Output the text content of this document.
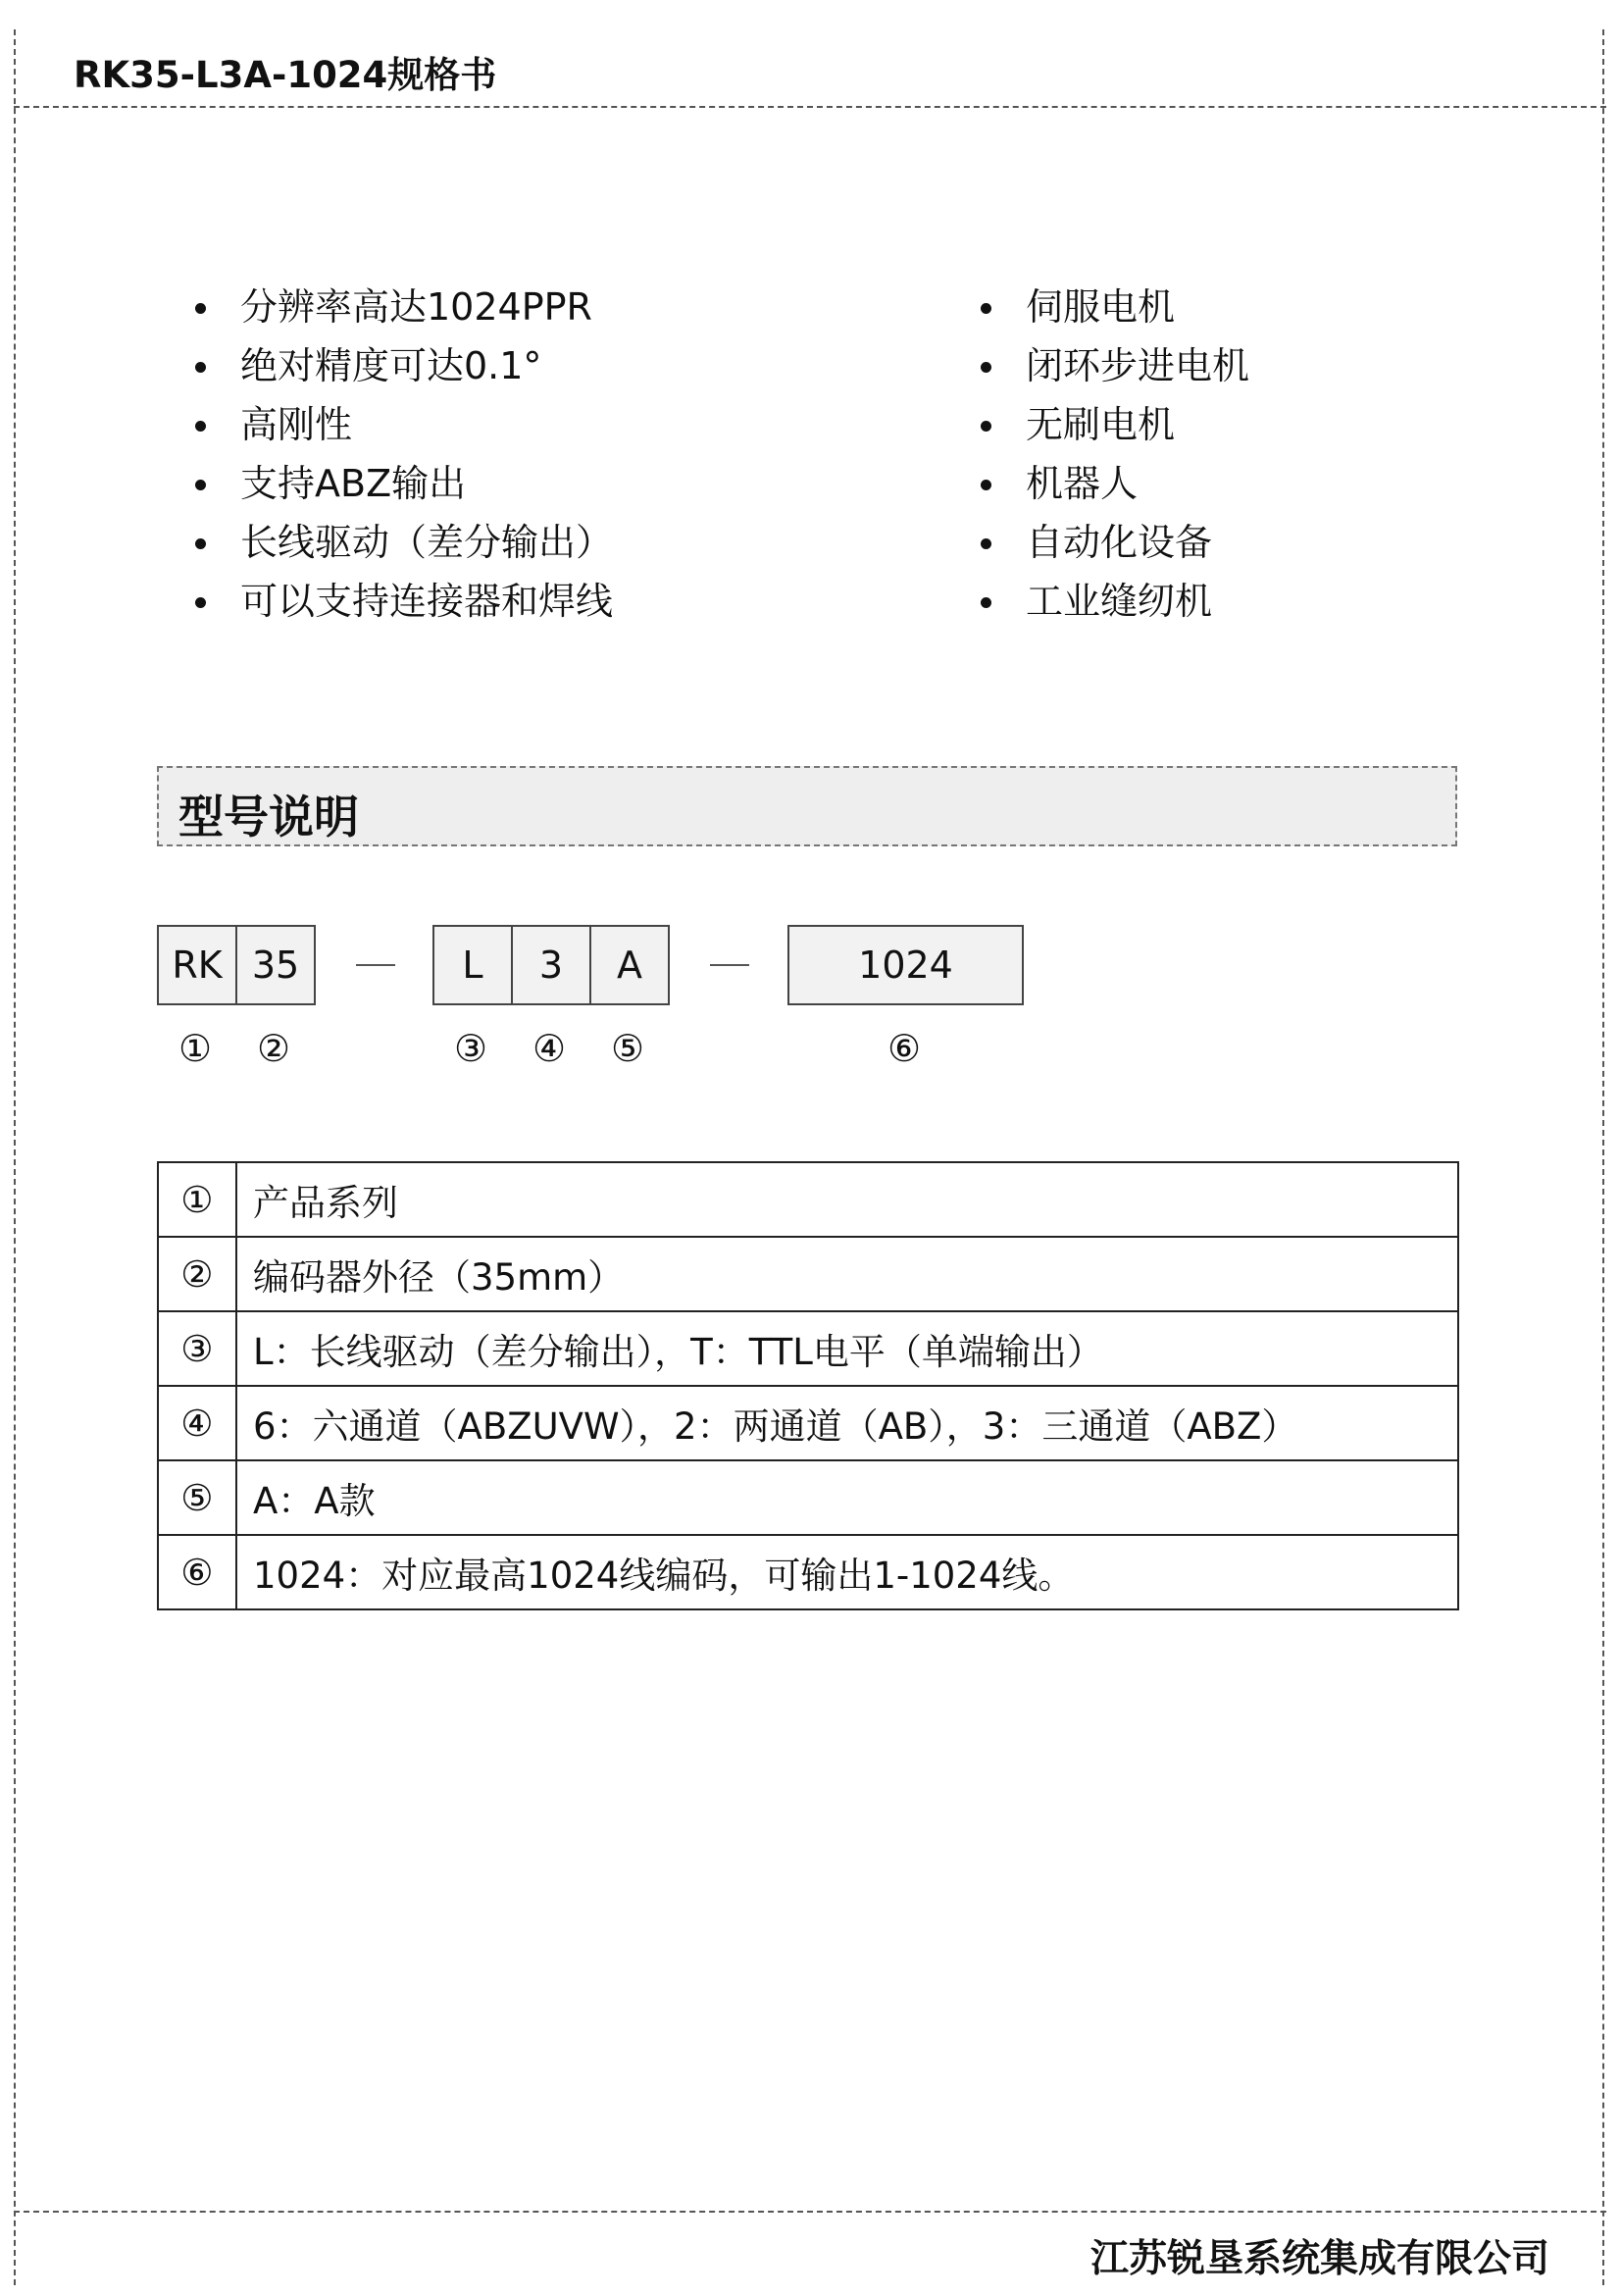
RK35-L3A-1024规格书
分辨率高达1024PPR
绝对精度可达0.1°
高刚性
支持ABZ输出
长线驱动（差分输出）
可以支持连接器和焊线
伺服电机
闭环步进电机
无刷电机
机器人
自动化设备
工业缝纫机
型号说明
RK 35	L	3	A	1024
① ②	③ ④ ⑤	⑥
①	产品系列
②	编码器外径（35mm）
③	L：长线驱动（差分输出），T：TTL电平（单端输出）
④	6：六通道（ABZUVW），2：两通道（AB），3：三通道（ABZ）
⑤	A：A款
⑥	1024：对应最高1024线编码，可输出1-1024线。
江苏锐垦系统集成有限公司
